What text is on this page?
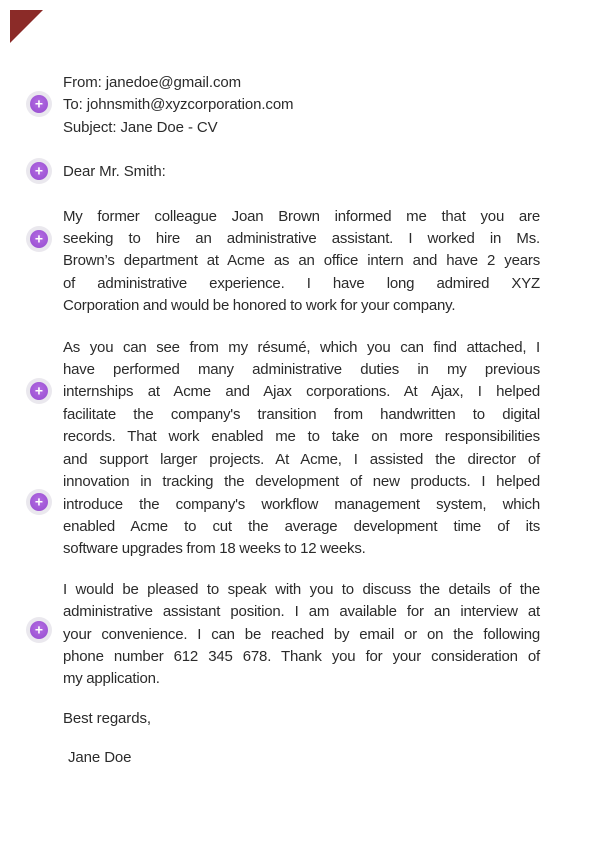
+
+
+
+
+
+
From: janedoe@gmail.com
To: johnsmith@xyzcorporation.com
Subject: Jane Doe - CV
Dear Mr. Smith:
My former colleague Joan Brown informed me that you are
seeking to hire an administrative assistant. I worked in Ms.
Brown’s department at Acme as an office intern and have 2 years
of administrative experience. I have long admired XYZ
Corporation and would be honored to work for your company.
As you can see from my résumé, which you can find attached, I
have performed many administrative duties in my previous
internships at Acme and Ajax corporations. At Ajax, I helped
facilitate the company's transition from handwritten to digital
records. That work enabled me to take on more responsibilities
and support larger projects. At Acme, I assisted the director of
innovation in tracking the development of new products. I helped
introduce the company's workflow management system, which
enabled Acme to cut the average development time of its
software upgrades from 18 weeks to 12 weeks.
I would be pleased to speak with you to discuss the details of the
administrative assistant position. I am available for an interview at
your convenience. I can be reached by email or on the following
phone number 612 345 678. Thank you for your consideration of
my application.
Best regards,
Jane Doe
